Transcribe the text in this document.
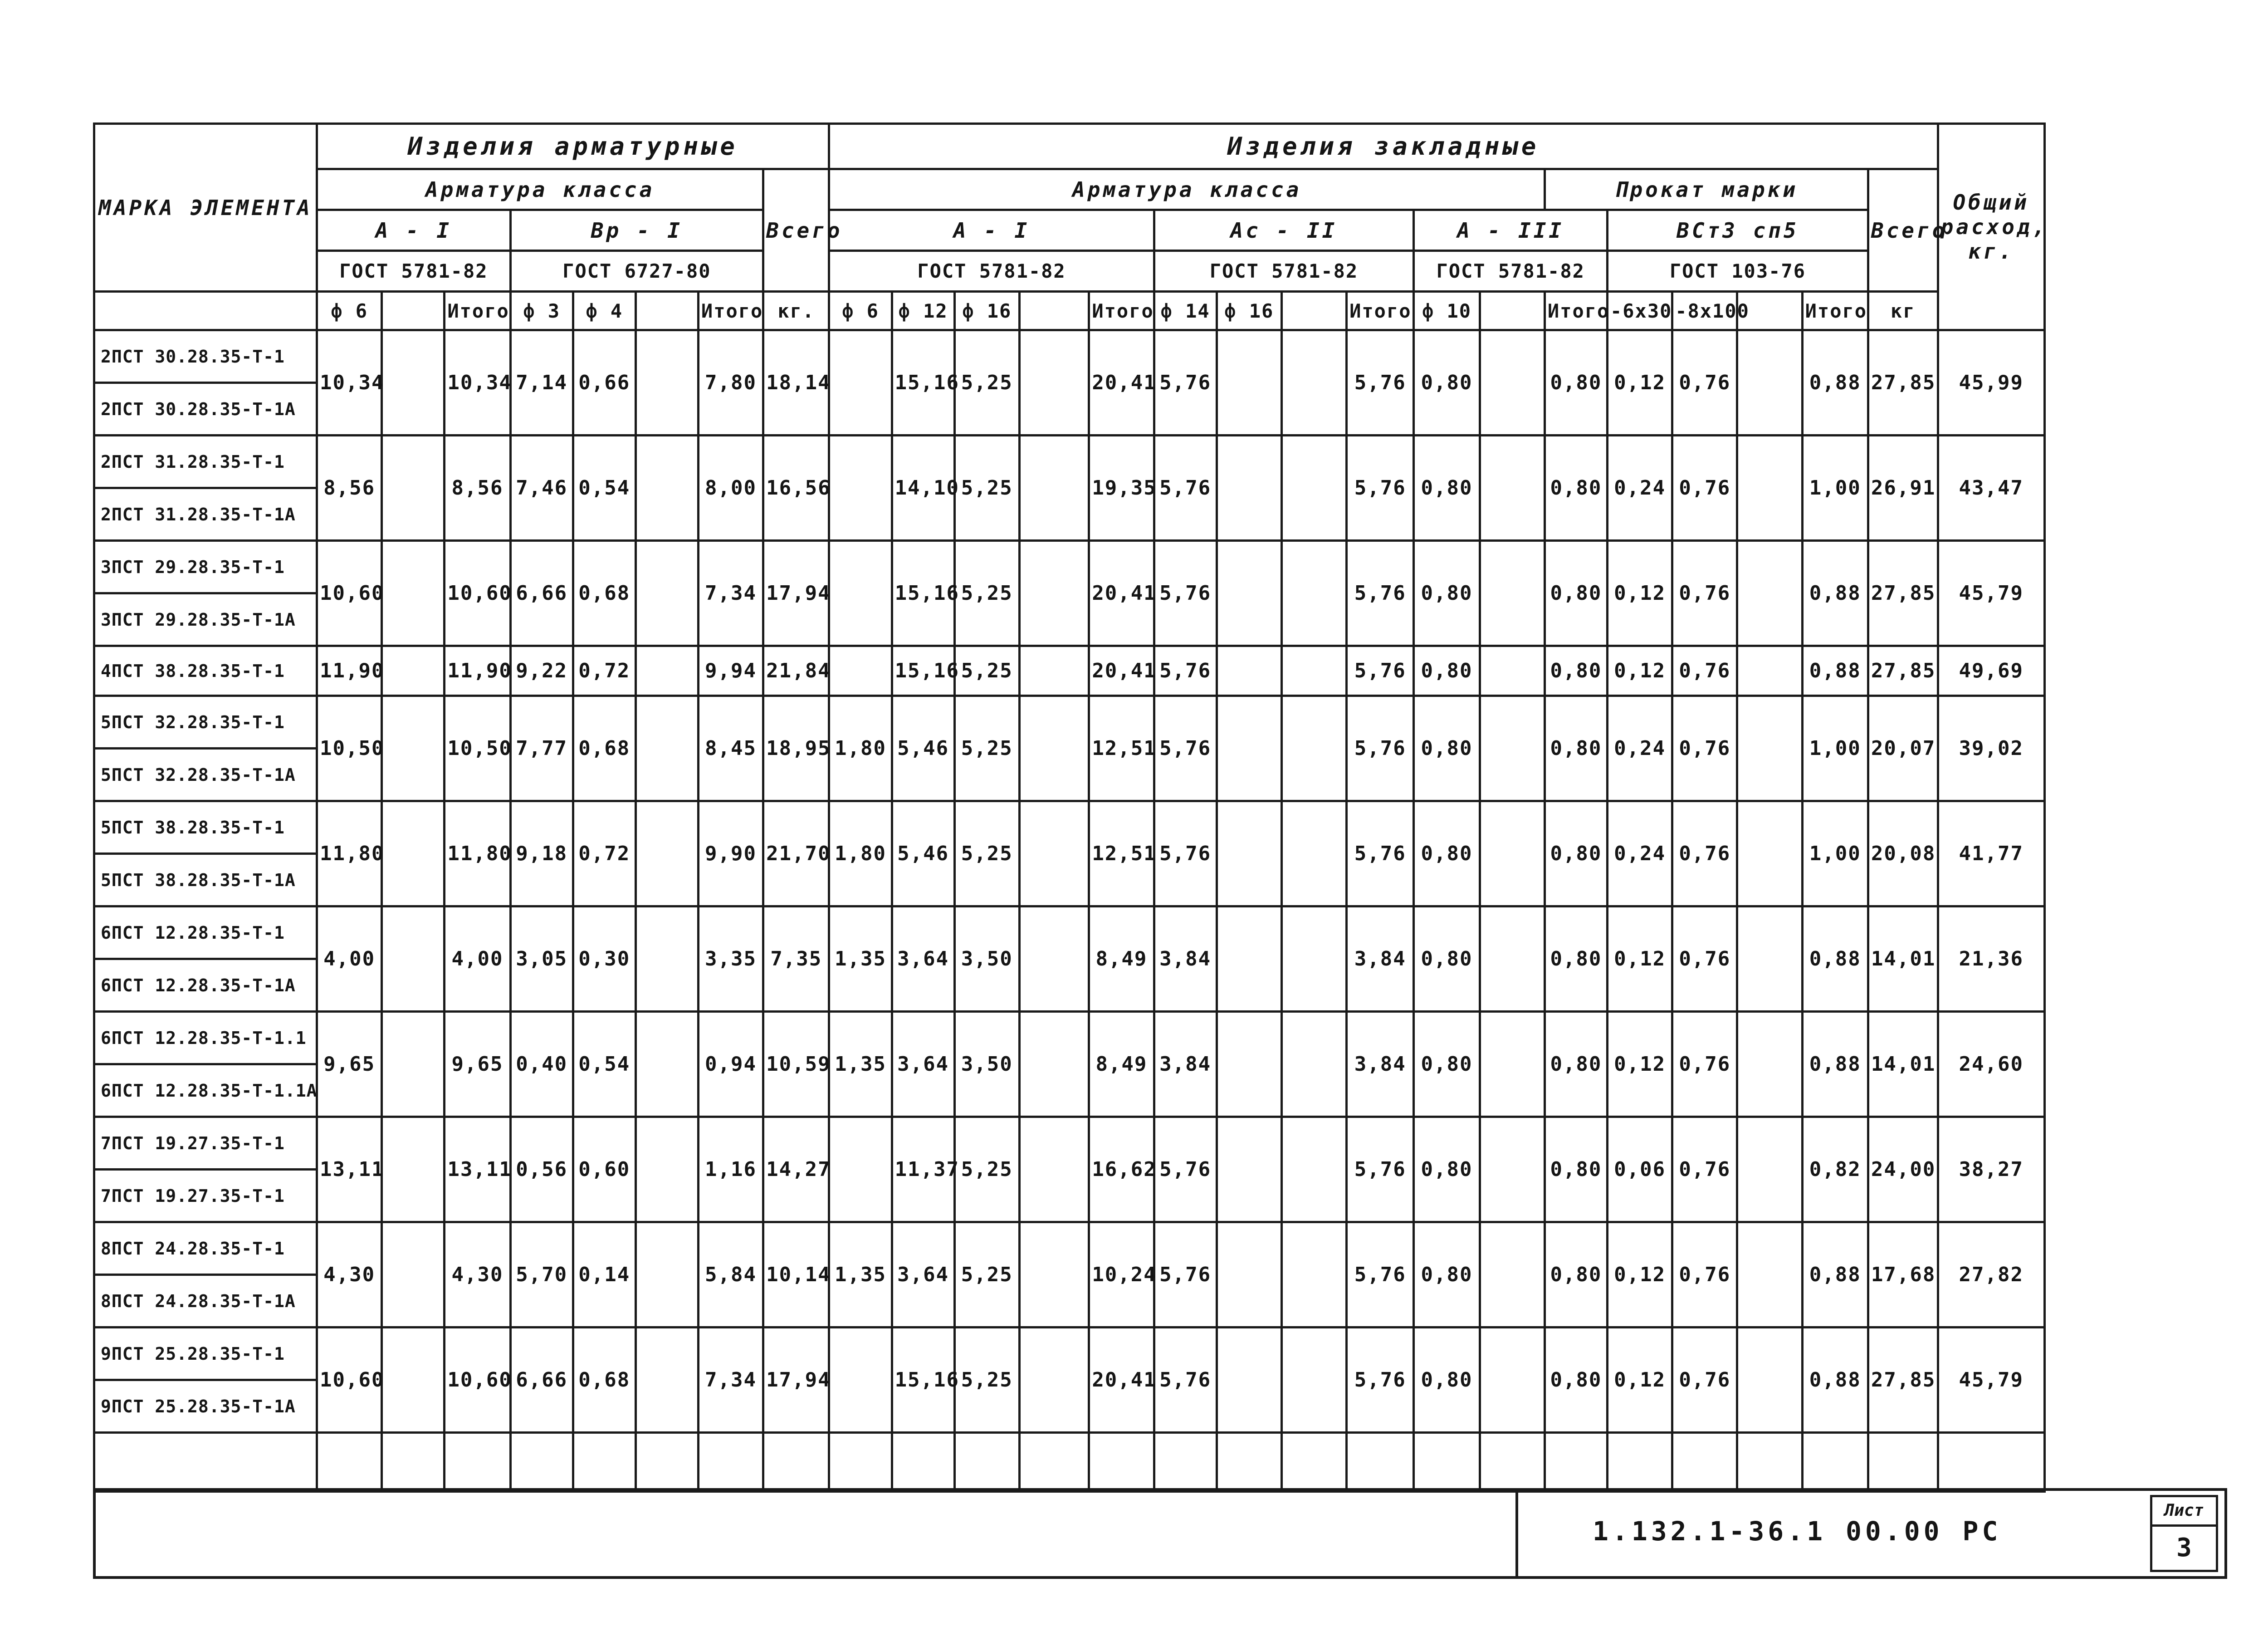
МАРКА ЭЛЕМЕНТА	Изделия арматурные								Изделия закладные																	Общий
расход,
кг.

	Арматура класса							Всего	Арматура класса											Прокат марки					Всего	
	А - I			Вр - I					А - I					Ас - II				А - III			ВСт3 сп5					
	ГОСТ 5781-82			ГОСТ 6727-80					ГОСТ 5781-82					ГОСТ 5781-82				ГОСТ 5781-82			ГОСТ 103-76					
	ф 6		Итого	ф 3	ф 4		Итого	кг.	ф 6	ф 12	ф 16		Итого	ф 14	ф 16		Итого	ф 10		Итого	-6х30	-8х100		Итого	кг	
2ПСТ 30.28.35-Т-1	10,34		10,34	7,14	0,66		7,80	18,14		15,16	5,25		20,41	5,76			5,76	0,80		0,80	0,12	0,76		0,88	27,85	45,99
2ПСТ 30.28.35-Т-1А																										
2ПСТ 31.28.35-Т-1	8,56		8,56	7,46	0,54		8,00	16,56		14,10	5,25		19,35	5,76			5,76	0,80		0,80	0,24	0,76		1,00	26,91	43,47
2ПСТ 31.28.35-Т-1А																										
3ПСТ 29.28.35-Т-1	10,60		10,60	6,66	0,68		7,34	17,94		15,16	5,25		20,41	5,76			5,76	0,80		0,80	0,12	0,76		0,88	27,85	45,79
3ПСТ 29.28.35-Т-1А																										
4ПСТ 38.28.35-Т-1	11,90		11,90	9,22	0,72		9,94	21,84		15,16	5,25		20,41	5,76			5,76	0,80		0,80	0,12	0,76		0,88	27,85	49,69
5ПСТ 32.28.35-Т-1	10,50		10,50	7,77	0,68		8,45	18,95	1,80	5,46	5,25		12,51	5,76			5,76	0,80		0,80	0,24	0,76		1,00	20,07	39,02
5ПСТ 32.28.35-Т-1А																										
5ПСТ 38.28.35-Т-1	11,80		11,80	9,18	0,72		9,90	21,70	1,80	5,46	5,25		12,51	5,76			5,76	0,80		0,80	0,24	0,76		1,00	20,08	41,77
5ПСТ 38.28.35-Т-1А																										
6ПСТ 12.28.35-Т-1	4,00		4,00	3,05	0,30		3,35	7,35	1,35	3,64	3,50		8,49	3,84			3,84	0,80		0,80	0,12	0,76		0,88	14,01	21,36
6ПСТ 12.28.35-Т-1А																										
6ПСТ 12.28.35-Т-1.1	9,65		9,65	0,40	0,54		0,94	10,59	1,35	3,64	3,50		8,49	3,84			3,84	0,80		0,80	0,12	0,76		0,88	14,01	24,60
6ПСТ 12.28.35-Т-1.1А																										
7ПСТ 19.27.35-Т-1	13,11		13,11	0,56	0,60		1,16	14,27		11,37	5,25		16,62	5,76			5,76	0,80		0,80	0,06	0,76		0,82	24,00	38,27
7ПСТ 19.27.35-Т-1																										
8ПСТ 24.28.35-Т-1	4,30		4,30	5,70	0,14		5,84	10,14	1,35	3,64	5,25		10,24	5,76			5,76	0,80		0,80	0,12	0,76		0,88	17,68	27,82
8ПСТ 24.28.35-Т-1А																										
9ПСТ 25.28.35-Т-1	10,60		10,60	6,66	0,68		7,34	17,94		15,16	5,25		20,41	5,76			5,76	0,80		0,80	0,12	0,76		0,88	27,85	45,79
9ПСТ 25.28.35-Т-1А																										

1.132.1-36.1 00.00 РС
Лист
3
